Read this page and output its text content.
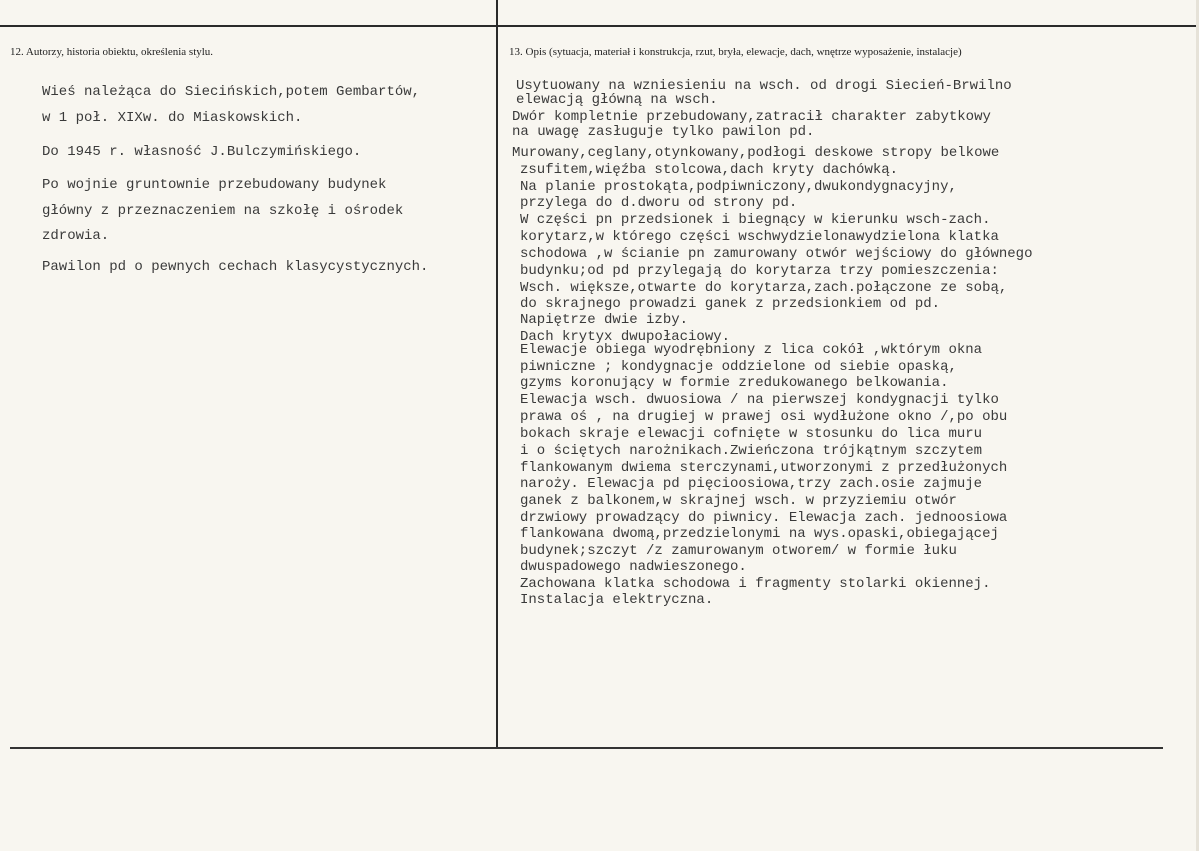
12. Autorzy, historia obiektu, określenia stylu.	13. Opis (sytuacja, materiał i konstrukcja, rzut, bryła, elewacje, dach, wnętrze wyposażenie, instalacje)
Wieś należąca do Siecińskich,potem Gembartów,
w 1 poł. XIXw. do Miaskowskich.
Do 1945 r. własność J.Bulczymińskiego.
Po wojnie gruntownie przebudowany budynek
główny z przeznaczeniem na szkołę i ośrodek
zdrowia.
Pawilon pd o pewnych cechach klasycystycznych.
Usytuowany na wzniesieniu na wsch. od drogi Siecień-Brwilno
elewacją główną na wsch.
Dwór kompletnie przebudowany,zatracił charakter zabytkowy
na uwagę zasługuje tylko pawilon pd.
Murowany,ceglany,otynkowany,podłogi deskowe stropy belkowe
zsufitem,więźba stolcowa,dach kryty dachówką.
Na planie prostokąta,podpiwniczony,dwukondygnacyjny,
przylega do d.dworu od strony pd.
W części pn przedsionek i biegnący w kierunku wsch-zach.
korytarz,w którego części wschwydzielonawydzielona klatka
schodowa ,w ścianie pn zamurowany otwór wejściowy do głównego
budynku;od pd przylegają do korytarza trzy pomieszczenia:
Wsch. większe,otwarte do korytarza,zach.połączone ze sobą,
do skrajnego prowadzi ganek z przedsionkiem od pd.
Napiętrze dwie izby.
Dach krytyx dwupołaciowy.
Elewacje obiega wyodrębniony z lica cokół ,wktórym okna
piwniczne ; kondygnacje oddzielone od siebie opaską,
gzyms koronujący w formie zredukowanego belkowania.
Elewacja wsch. dwuosiowa / na pierwszej kondygnacji tylko
prawa oś , na drugiej w prawej osi wydłużone okno /,po obu
bokach skraje elewacji cofnięte w stosunku do lica muru
i o ściętych narożnikach.Zwieńczona trójkątnym szczytem
flankowanym dwiema sterczynami,utworzonymi z przedłużonych
naroży. Elewacja pd pięcioosiowa,trzy zach.osie zajmuje
ganek z balkonem,w skrajnej wsch. w przyziemiu otwór
drzwiowy prowadzący do piwnicy. Elewacja zach. jednoosiowa
flankowana dwomą,przedzielonymi na wys.opaski,obiegającej
budynek;szczyt /z zamurowanym otworem/ w formie łuku
dwuspadowego nadwieszonego.
Zachowana klatka schodowa i fragmenty stolarki okiennej.
Instalacja elektryczna.
